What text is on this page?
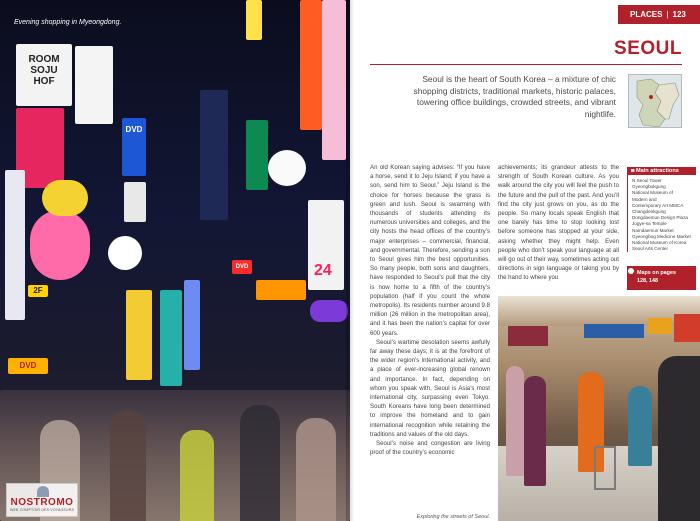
ROOM
SOJU
HOF
DVD
2F
DVD
24
DVD
Evening shopping in Myeongdong.
NOSTROMO
WEB COMPTOIR DES VOYAGEURS
PLACES | 123
SEOUL
Seoul is the heart of South Korea – a mixture of chic shopping districts, traditional markets, historic palaces, towering office buildings, crowded streets, and vibrant nightlife.

An old Korean saying advises: “If you have a horse, send it to Jeju Island; if you have a son, send him to Seoul.” Jeju Island is the choice for horses because the grass is green and lush. Seoul is swarming with thousands of students attending its numerous universities and colleges, and the city hosts the head offices of the country’s major enterprises – commercial, financial, and governmental. Therefore, sending a son to Seoul gives him the best opportunities. So many people, both sons and daughters, have responded to Seoul’s pull that the city is now home to a fifth of the country’s population (half if you count the whole metropolis). Its residents number around 9.8 million (26 million in the metropolitan area), and it has been the nation’s capital for over 600 years.

Seoul’s wartime desolation seems awfully far away these days; it is at the forefront of the wider region’s international activity, and a place of ever-increasing global renown and importance. In fact, depending on whom you speak with, Seoul is Asia’s most international city, surpassing even Tokyo. South Koreans have long been determined to improve the homeland and to gain international recognition while retaining the traditions and values of the old days.

Seoul’s noise and congestion are living proof of the country’s economic

achievements; its grandeur attests to the strength of South Korean culture. As you walk around the city you will feel the push to the future and the pull of the past. And you’ll find the city just grows on you, as do the people. So many locals speak English that one barely has time to stop looking lost before someone has stopped at your side, asking whether they might help. Even people who don’t speak your language at all will go out of their way, sometimes acting out directions in sign language or taking you by the hand to where you

Exploring the streets of Seoul.
◙ Main attractions
N Seoul Tower
Gyeongbokgung
National Museum of
Modern and
Contemporary Art MMCA
Changdeokgung
Dongdaemun Design Plaza
Jogye-sa Temple
Namdaemun Market
Gyeongbog Medicine Market
National Museum of Korea
Seoul Arts Center
Maps on pages
128, 148
